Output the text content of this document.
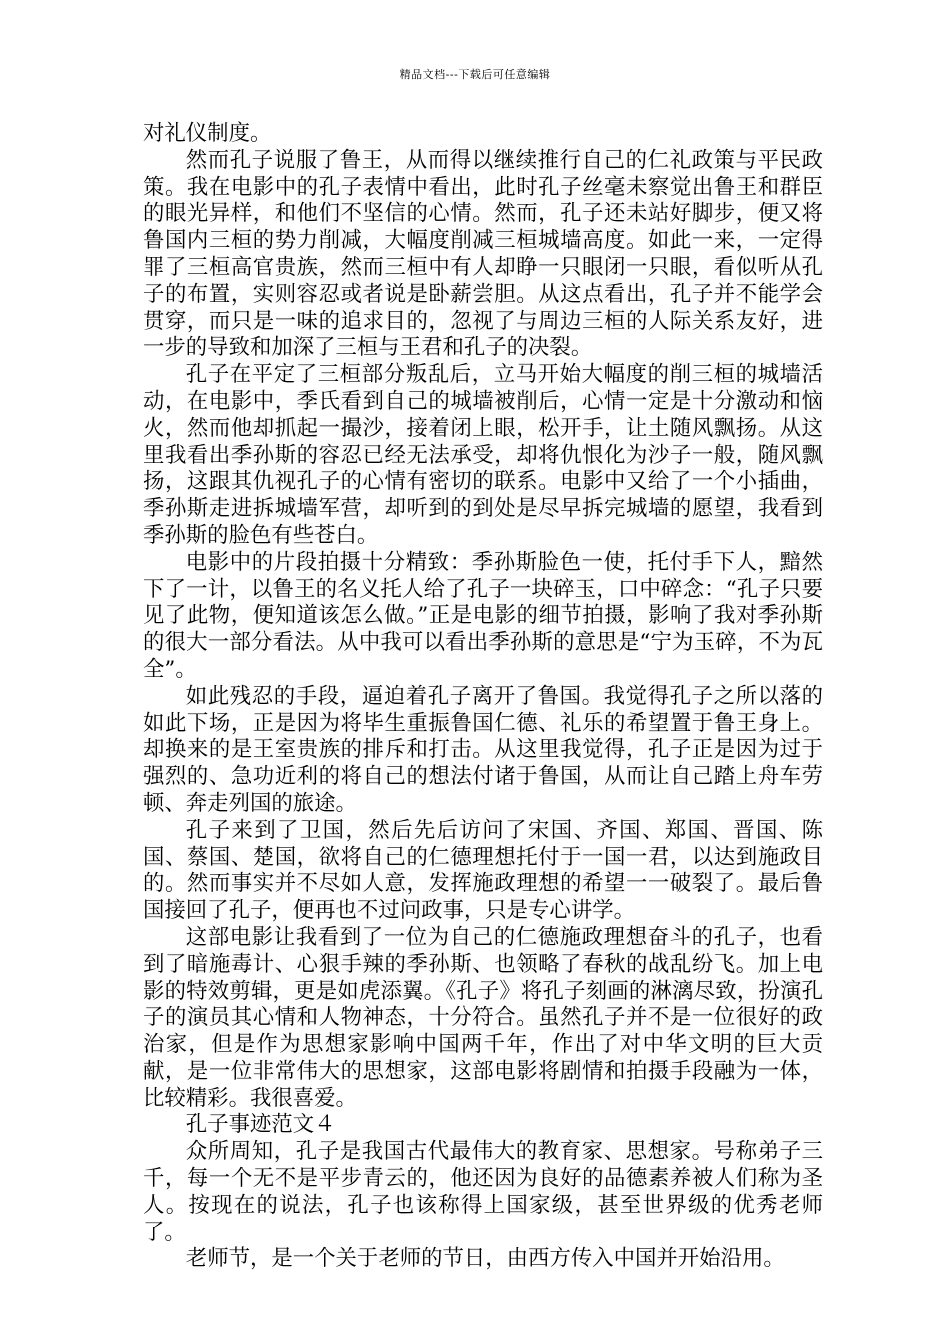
精品文档---下载后可任意编辑

对礼仪制度。

然而孔子说服了鲁王，从而得以继续推行自己的仁礼政策与平民政策。我在电影中的孔子表情中看出，此时孔子丝毫未察觉出鲁王和群臣的眼光异样，和他们不坚信的心情。然而，孔子还未站好脚步，便又将鲁国内三桓的势力削减，大幅度削减三桓城墙高度。如此一来，一定得罪了三桓高官贵族，然而三桓中有人却睁一只眼闭一只眼，看似听从孔子的布置，实则容忍或者说是卧薪尝胆。从这点看出，孔子并不能学会贯穿，而只是一味的追求目的，忽视了与周边三桓的人际关系友好，进一步的导致和加深了三桓与王君和孔子的决裂。

孔子在平定了三桓部分叛乱后，立马开始大幅度的削三桓的城墙活动，在电影中，季氏看到自己的城墙被削后，心情一定是十分激动和恼火，然而他却抓起一撮沙，接着闭上眼，松开手，让土随风飘扬。从这里我看出季孙斯的容忍已经无法承受，却将仇恨化为沙子一般，随风飘扬，这跟其仇视孔子的心情有密切的联系。电影中又给了一个小插曲，季孙斯走进拆城墙军营，却听到的到处是尽早拆完城墙的愿望，我看到季孙斯的脸色有些苍白。

电影中的片段拍摄十分精致：季孙斯脸色一使，托付手下人，黯然下了一计，以鲁王的名义托人给了孔子一块碎玉，口中碎念：“孔子只要见了此物，便知道该怎么做。”正是电影的细节拍摄，影响了我对季孙斯的很大一部分看法。从中我可以看出季孙斯的意思是“宁为玉碎，不为瓦全”。

如此残忍的手段，逼迫着孔子离开了鲁国。我觉得孔子之所以落的如此下场，正是因为将毕生重振鲁国仁德、礼乐的希望置于鲁王身上。却换来的是王室贵族的排斥和打击。从这里我觉得，孔子正是因为过于强烈的、急功近利的将自己的想法付诸于鲁国，从而让自己踏上舟车劳顿、奔走列国的旅途。

孔子来到了卫国，然后先后访问了宋国、齐国、郑国、晋国、陈国、蔡国、楚国，欲将自己的仁德理想托付于一国一君，以达到施政目的。然而事实并不尽如人意，发挥施政理想的希望一一破裂了。最后鲁国接回了孔子，便再也不过问政事，只是专心讲学。

这部电影让我看到了一位为自己的仁德施政理想奋斗的孔子，也看到了暗施毒计、心狠手辣的季孙斯、也领略了春秋的战乱纷飞。加上电影的特效剪辑，更是如虎添翼。《孔子》将孔子刻画的淋漓尽致，扮演孔子的演员其心情和人物神态，十分符合。虽然孔子并不是一位很好的政治家，但是作为思想家影响中国两千年，作出了对中华文明的巨大贡献，是一位非常伟大的思想家，这部电影将剧情和拍摄手段融为一体，比较精彩。我很喜爱。

孔子事迹范文４

众所周知，孔子是我国古代最伟大的教育家、思想家。号称弟子三千，每一个无不是平步青云的，他还因为良好的品德素养被人们称为圣人。按现在的说法，孔子也该称得上国家级，甚至世界级的优秀老师了。

老师节，是一个关于老师的节日，由西方传入中国并开始沿用。
